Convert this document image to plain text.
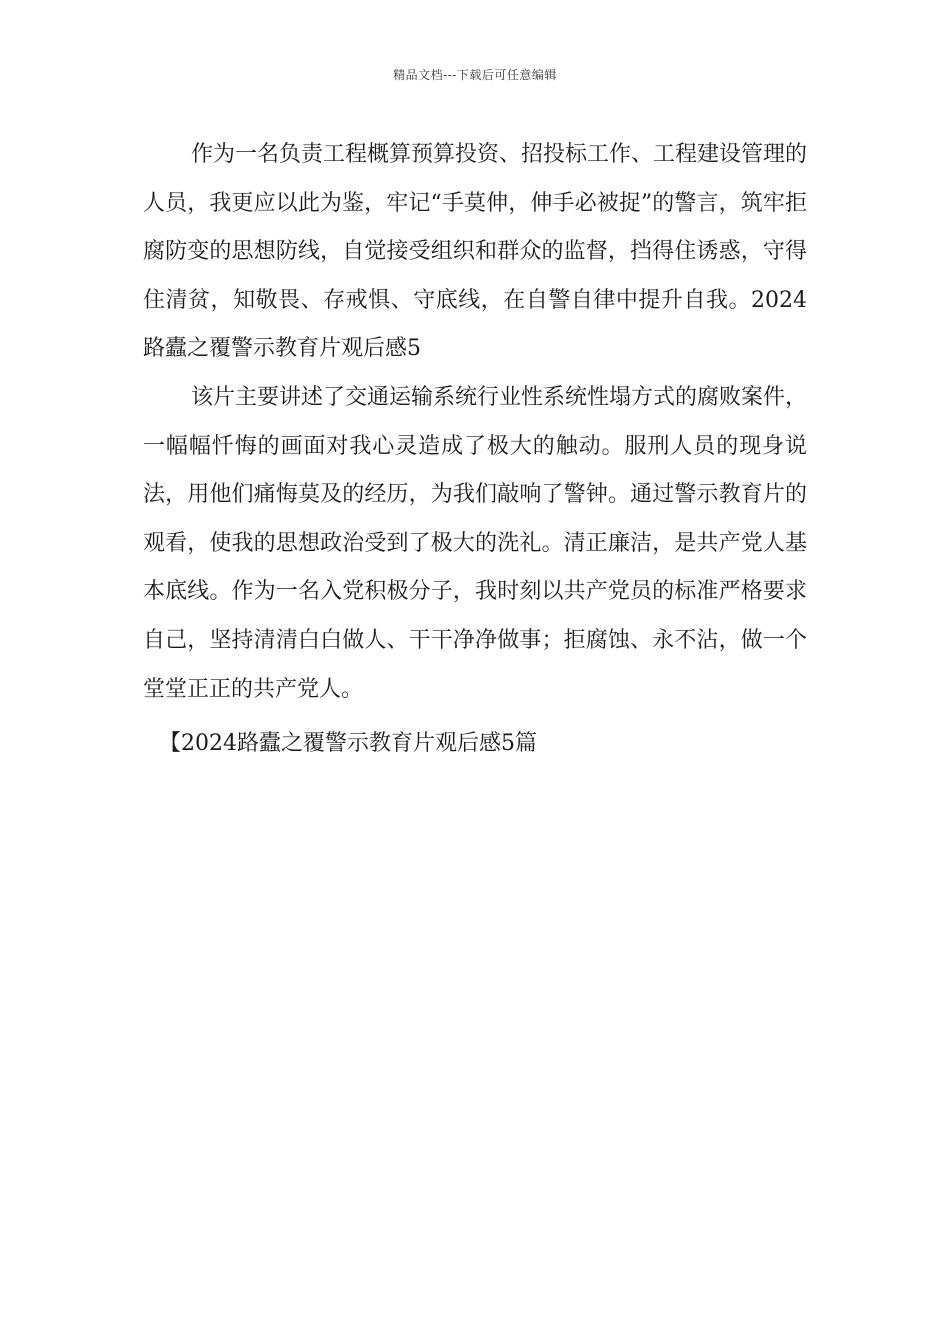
精品文档---下载后可任意编辑

作为一名负责工程概算预算投资、招投标工作、工程建设管理的人员，我更应以此为鉴，牢记“手莫伸，伸手必被捉”的警言，筑牢拒腐防变的思想防线，自觉接受组织和群众的监督，挡得住诱惑，守得住清贫，知敬畏、存戒惧、守底线，在自警自律中提升自我。2024路蠹之覆警示教育片观后感5

该片主要讲述了交通运输系统行业性系统性塌方式的腐败案件，一幅幅忏悔的画面对我心灵造成了极大的触动。服刑人员的现身说法，用他们痛悔莫及的经历，为我们敲响了警钟。通过警示教育片的观看，使我的思想政治受到了极大的洗礼。清正廉洁，是共产党人基本底线。作为一名入党积极分子，我时刻以共产党员的标准严格要求自己，坚持清清白白做人、干干净净做事；拒腐蚀、永不沾，做一个堂堂正正的共产党人。

【2024路蠹之覆警示教育片观后感5篇
